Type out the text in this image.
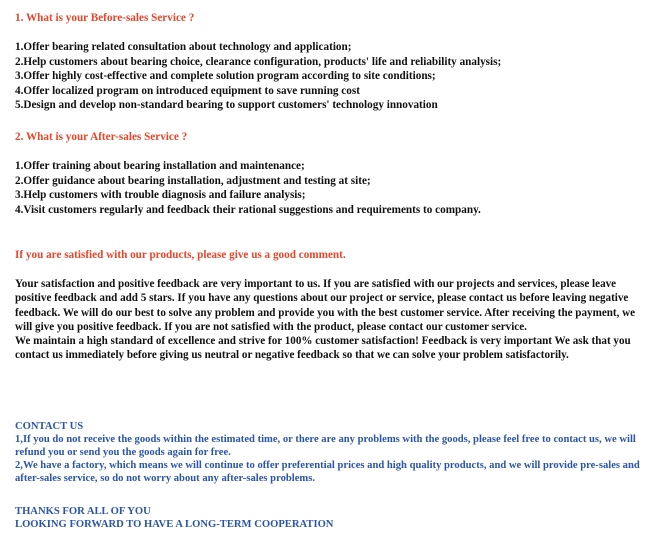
1. What is your Before-sales Service ?
1.Offer bearing related consultation about technology and application;
2.Help customers about bearing choice, clearance configuration, products' life and reliability analysis;
3.Offer highly cost-effective and complete solution program according to site conditions;
4.Offer localized program on introduced equipment to save running cost
5.Design and develop non-standard bearing to support customers' technology innovation
2. What is your After-sales Service ?
1.Offer training about bearing installation and maintenance;
2.Offer guidance about bearing installation, adjustment and testing at site;
3.Help customers with trouble diagnosis and failure analysis;
4.Visit customers regularly and feedback their rational suggestions and requirements to company.
If you are satisfied with our products, please give us a good comment.
Your satisfaction and positive feedback are very important to us. If you are satisfied with our projects and services, please leave positive feedback and add 5 stars. If you have any questions about our project or service, please contact us before leaving negative feedback. We will do our best to solve any problem and provide you with the best customer service. After receiving the payment, we will give you positive feedback. If you are not satisfied with the product, please contact our customer service.
We maintain a high standard of excellence and strive for 100% customer satisfaction! Feedback is very important We ask that you contact us immediately before giving us neutral or negative feedback so that we can solve your problem satisfactorily.
CONTACT US
1,If you do not receive the goods within the estimated time, or there are any problems with the goods, please feel free to contact us, we will refund you or send you the goods again for free.
2,We have a factory, which means we will continue to offer preferential prices and high quality products, and we will provide pre-sales and after-sales service, so do not worry about any after-sales problems.
THANKS FOR ALL OF YOU
LOOKING FORWARD TO HAVE A LONG-TERM COOPERATION
